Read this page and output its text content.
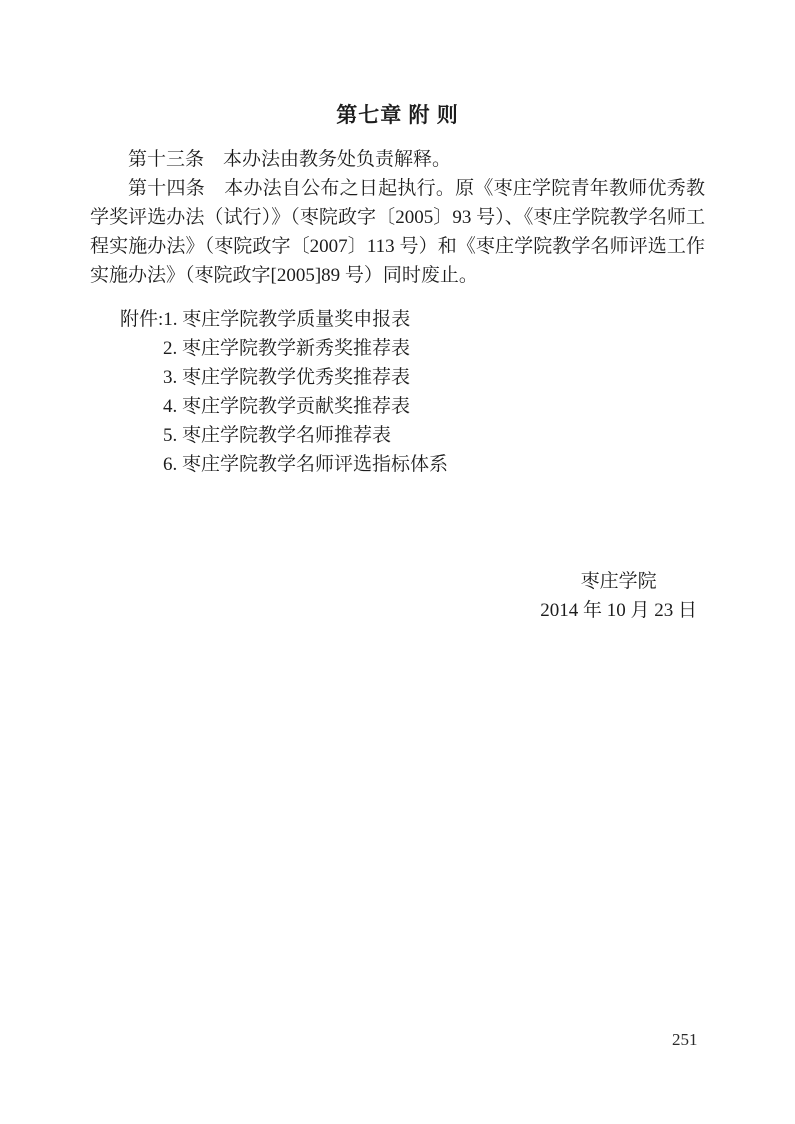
第七章 附 则

第十三条　本办法由教务处负责解释。

第十四条　本办法自公布之日起执行。原《枣庄学院青年教师优秀教学奖评选办法（试行）》（枣院政字〔2005〕93 号）、《枣庄学院教学名师工程实施办法》（枣院政字〔2007〕113 号）和《枣庄学院教学名师评选工作实施办法》（枣院政字[2005]89 号）同时废止。

附件:1. 枣庄学院教学质量奖申报表
2. 枣庄学院教学新秀奖推荐表
3. 枣庄学院教学优秀奖推荐表
4. 枣庄学院教学贡献奖推荐表
5. 枣庄学院教学名师推荐表
6. 枣庄学院教学名师评选指标体系
枣庄学院
2014 年 10 月 23 日
251
